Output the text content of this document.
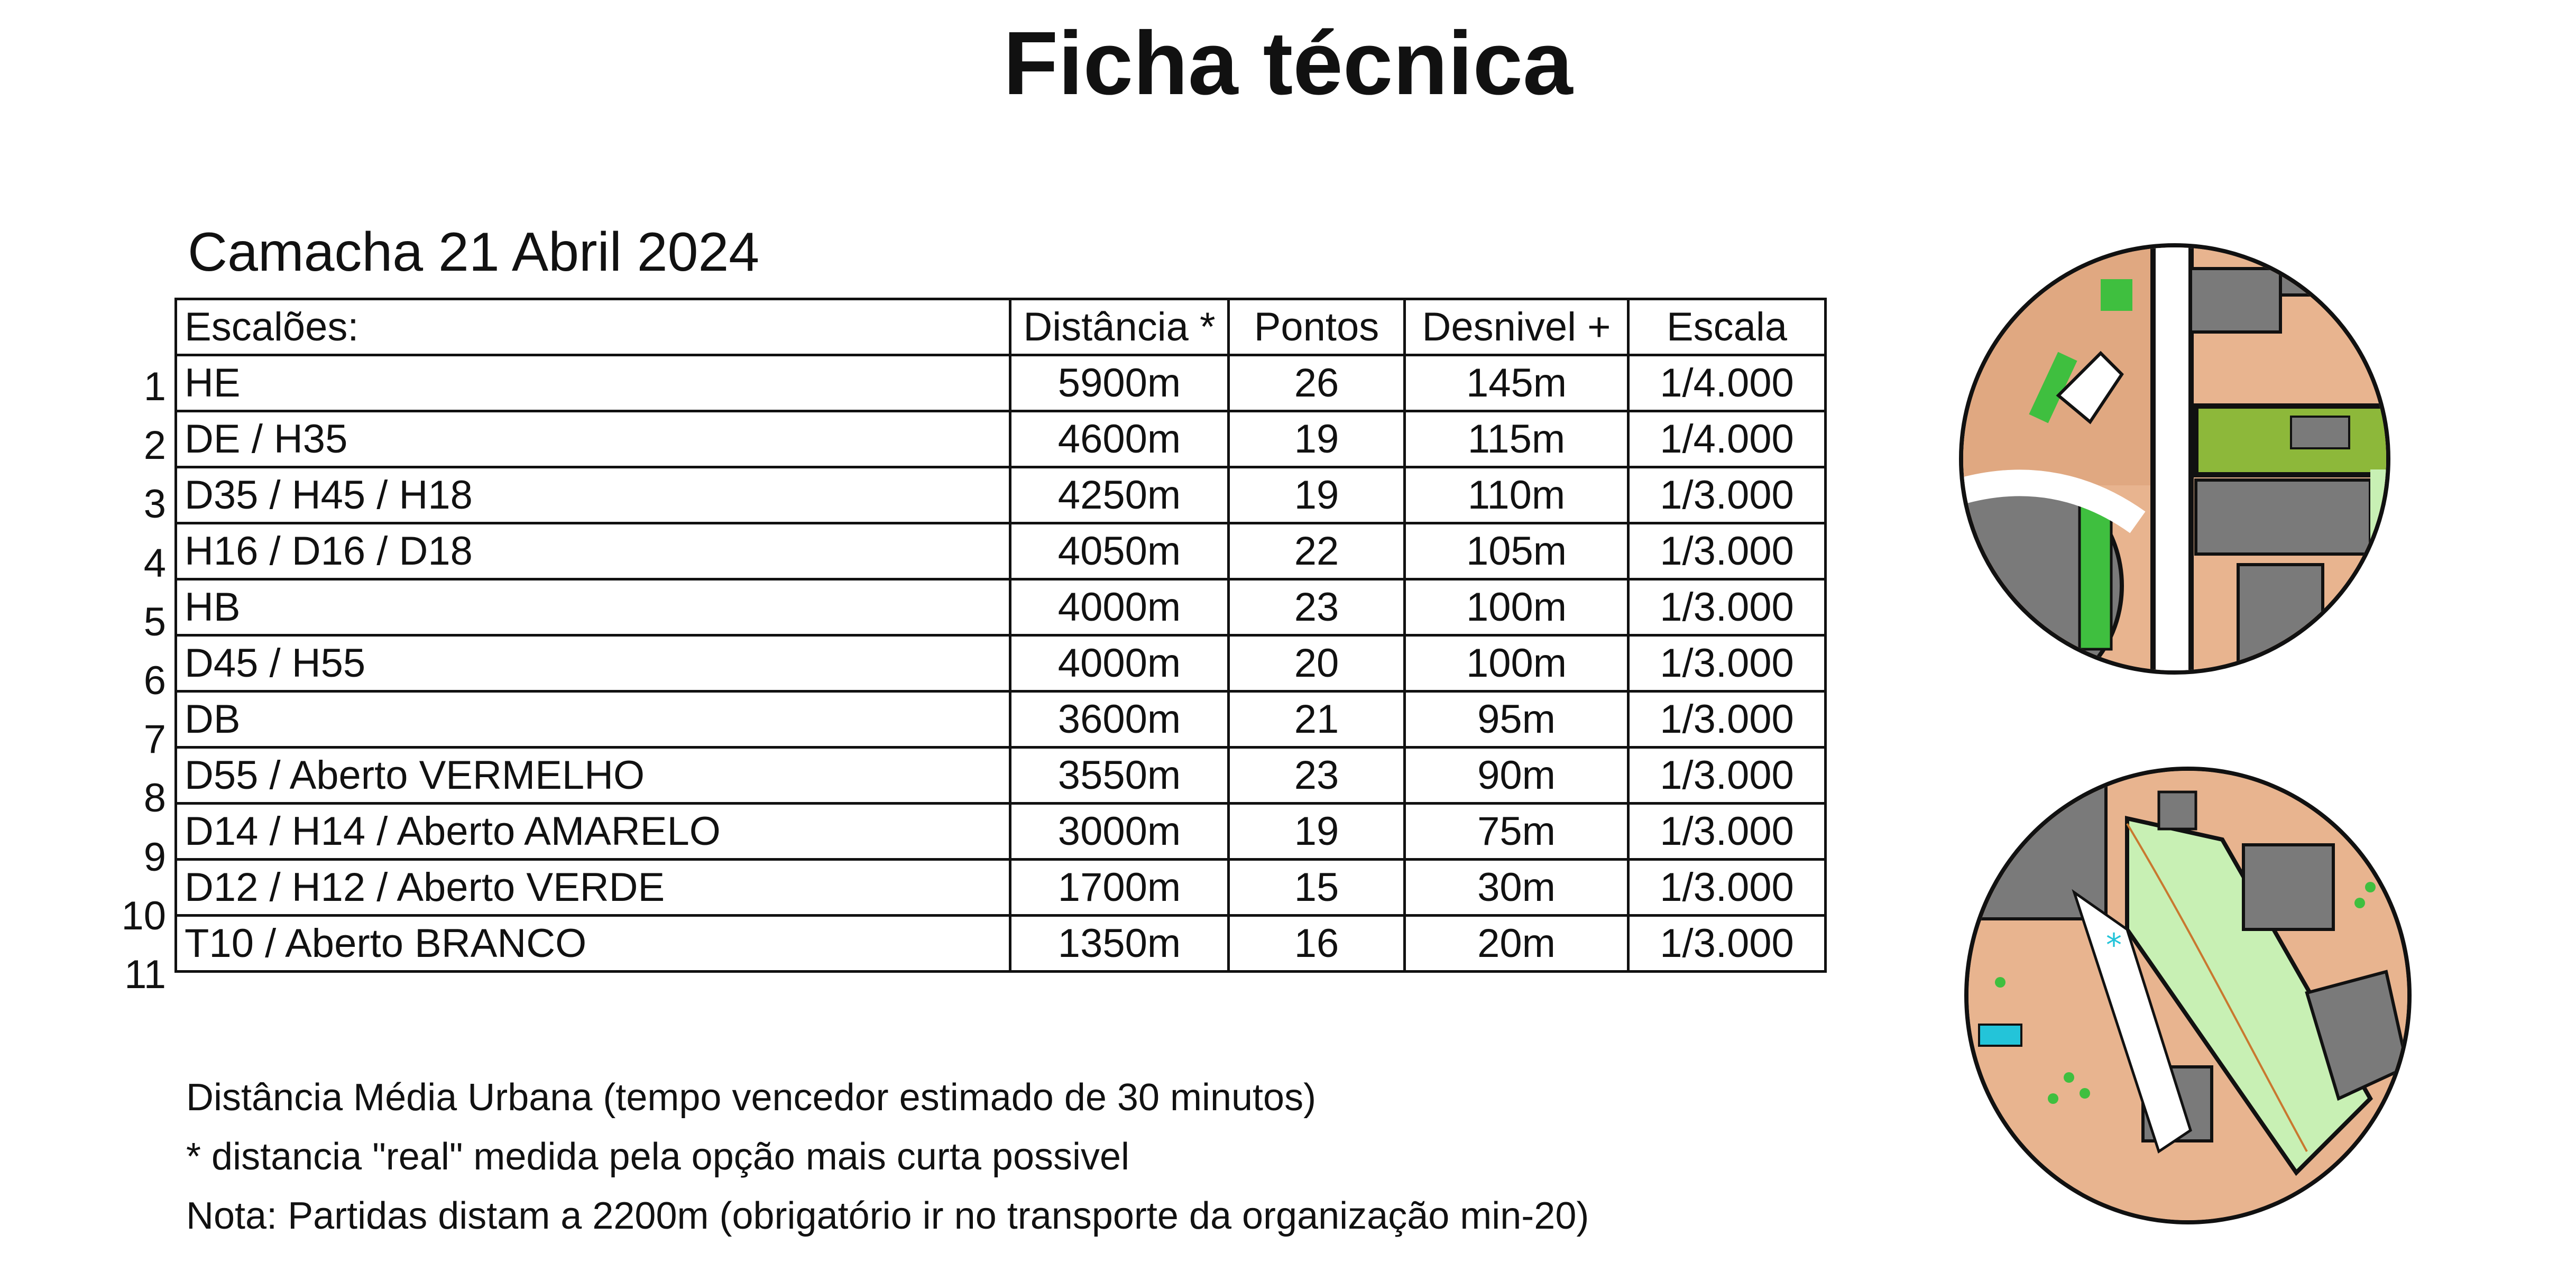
Ficha técnica
Camacha 21 Abril 2024
1
2
3
4
5
6
7
8
9
10
11
Escalões:	Distância *	Pontos	Desnivel +	Escala
HE	5900m	26	145m	1/4.000
DE / H35	4600m	19	115m	1/4.000
D35 / H45 / H18	4250m	19	110m	1/3.000
H16 / D16 / D18	4050m	22	105m	1/3.000
HB	4000m	23	100m	1/3.000
D45 / H55	4000m	20	100m	1/3.000
DB	3600m	21	95m	1/3.000
D55 / Aberto VERMELHO	3550m	23	90m	1/3.000
D14 / H14 / Aberto AMARELO	3000m	19	75m	1/3.000
D12 / H12 / Aberto VERDE	1700m	15	30m	1/3.000
T10 / Aberto BRANCO	1350m	16	20m	1/3.000
Distância Média Urbana (tempo vencedor estimado de 30 minutos)
* distancia "real" medida pela opção mais curta possivel
Nota: Partidas distam a 2200m (obrigatório ir no transporte da organização min-20)
*
